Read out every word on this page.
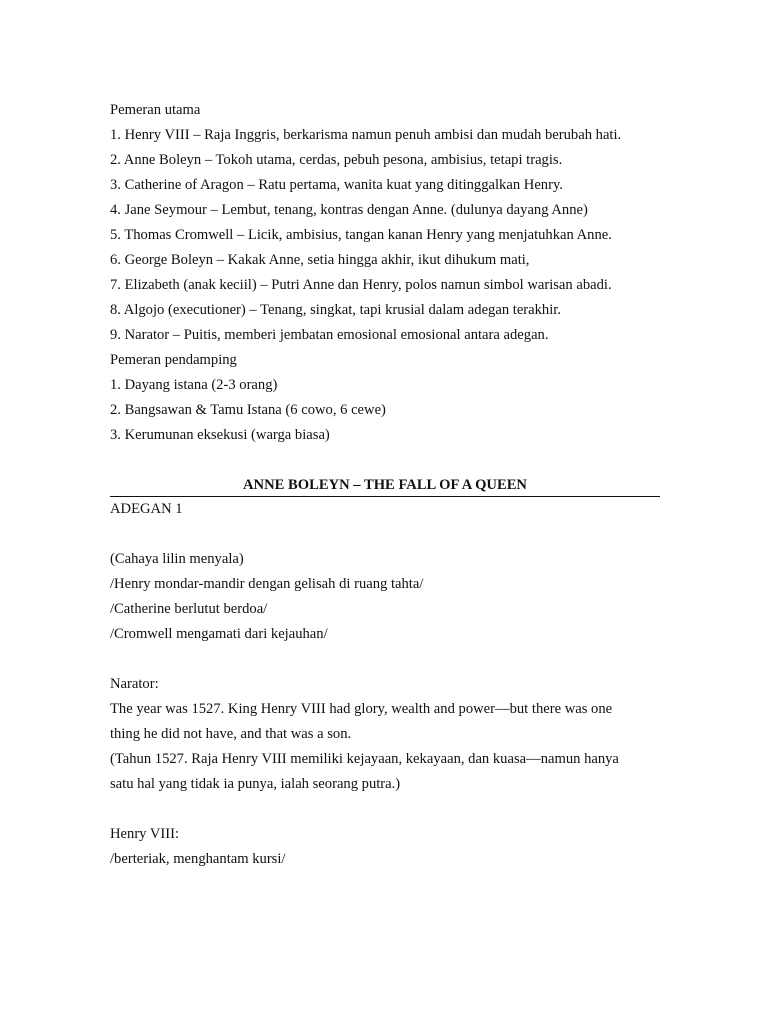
Pemeran utama
1. Henry VIII – Raja Inggris, berkarisma namun penuh ambisi dan mudah berubah hati.
2. Anne Boleyn – Tokoh utama, cerdas, pebuh pesona, ambisius, tetapi tragis.
3. Catherine of Aragon – Ratu pertama, wanita kuat yang ditinggalkan Henry.
4. Jane Seymour – Lembut, tenang, kontras dengan Anne. (dulunya dayang Anne)
5. Thomas Cromwell – Licik, ambisius, tangan kanan Henry yang menjatuhkan Anne.
6. George Boleyn – Kakak Anne, setia hingga akhir, ikut dihukum mati,
7. Elizabeth (anak keciil) – Putri Anne dan Henry, polos namun simbol warisan abadi.
8. Algojo (executioner) – Tenang, singkat, tapi krusial dalam adegan terakhir.
9. Narator – Puitis, memberi jembatan emosional emosional antara adegan.
Pemeran pendamping
1. Dayang istana (2-3 orang)
2. Bangsawan & Tamu Istana (6 cowo, 6 cewe)
3. Kerumunan eksekusi (warga biasa)
ANNE BOLEYN – THE FALL OF A QUEEN
ADEGAN 1
(Cahaya lilin menyala)
/Henry mondar-mandir dengan gelisah di ruang tahta/
/Catherine berlutut berdoa/
/Cromwell mengamati dari kejauhan/
Narator:
The year was 1527. King Henry VIII had glory, wealth and power—but there was one
thing he did not have, and that was a son.
(Tahun 1527. Raja Henry VIII memiliki kejayaan, kekayaan, dan kuasa—namun hanya
satu hal yang tidak ia punya, ialah seorang putra.)
Henry VIII:
/berteriak, menghantam kursi/
